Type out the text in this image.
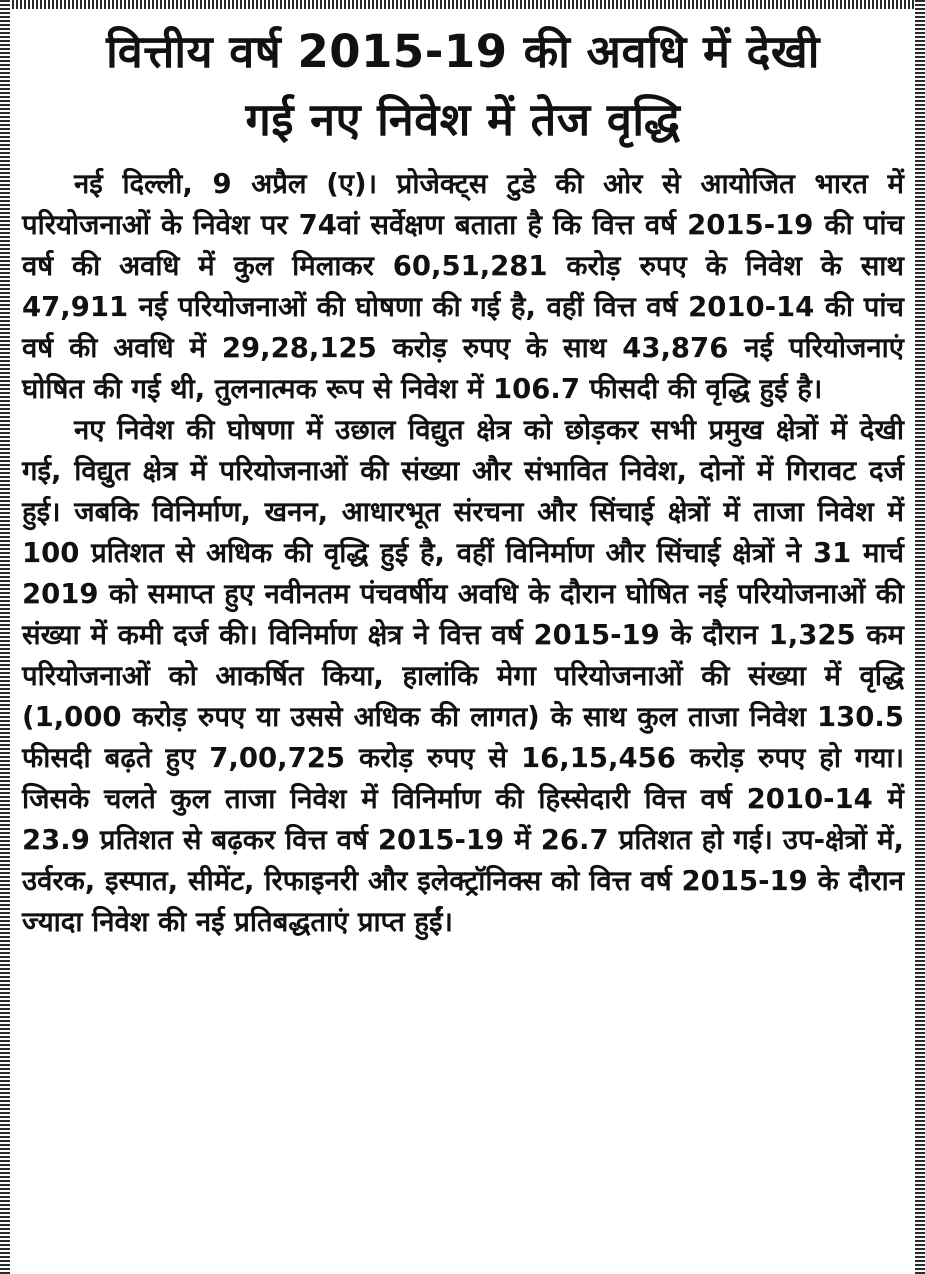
वित्तीय वर्ष 2015-19 की अवधि में देखी
गई नए निवेश में तेज वृद्धि

नई दिल्ली, 9 अप्रैल (ए)। प्रोजेक्ट्स टुडे की ओर से आयोजित भारत में परियोजनाओं के निवेश पर 74वां सर्वेक्षण बताता है कि वित्त वर्ष 2015-19 की पांच वर्ष की अवधि में कुल मिलाकर 60,51,281 करोड़ रुपए के निवेश के साथ 47,911 नई परियोजनाओं की घोषणा की गई है, वहीं वित्त वर्ष 2010-14 की पांच वर्ष की अवधि में 29,28,125 करोड़ रुपए के साथ 43,876 नई परियोजनाएं घोषित की गई थी, तुलनात्मक रूप से निवेश में 106.7 फीसदी की वृद्धि हुई है।

नए निवेश की घोषणा में उछाल विद्युत क्षेत्र को छोड़कर सभी प्रमुख क्षेत्रों में देखी गई, विद्युत क्षेत्र में परियोजनाओं की संख्या और संभावित निवेश, दोनों में गिरावट दर्ज हुई। जबकि विनिर्माण, खनन, आधारभूत संरचना और सिंचाई क्षेत्रों में ताजा निवेश में 100 प्रतिशत से अधिक की वृद्धि हुई है, वहीं विनिर्माण और सिंचाई क्षेत्रों ने 31 मार्च 2019 को समाप्त हुए नवीनतम पंचवर्षीय अवधि के दौरान घोषित नई परियोजनाओं की संख्या में कमी दर्ज की। विनिर्माण क्षेत्र ने वित्त वर्ष 2015-19 के दौरान 1,325 कम परियोजनाओं को आकर्षित किया, हालांकि मेगा परियोजनाओं की संख्या में वृद्धि (1,000 करोड़ रुपए या उससे अधिक की लागत) के साथ कुल ताजा निवेश 130.5 फीसदी बढ़ते हुए 7,00,725 करोड़ रुपए से 16,15,456 करोड़ रुपए हो गया। जिसके चलते कुल ताजा निवेश में विनिर्माण की हिस्सेदारी वित्त वर्ष 2010-14 में 23.9 प्रतिशत से बढ़कर वित्त वर्ष 2015-19 में 26.7 प्रतिशत हो गई। उप-क्षेत्रों में, उर्वरक, इस्पात, सीमेंट, रिफाइनरी और इलेक्ट्रॉनिक्स को वित्त वर्ष 2015-19 के दौरान ज्यादा निवेश की नई प्रतिबद्धताएं प्राप्त हुईं।
